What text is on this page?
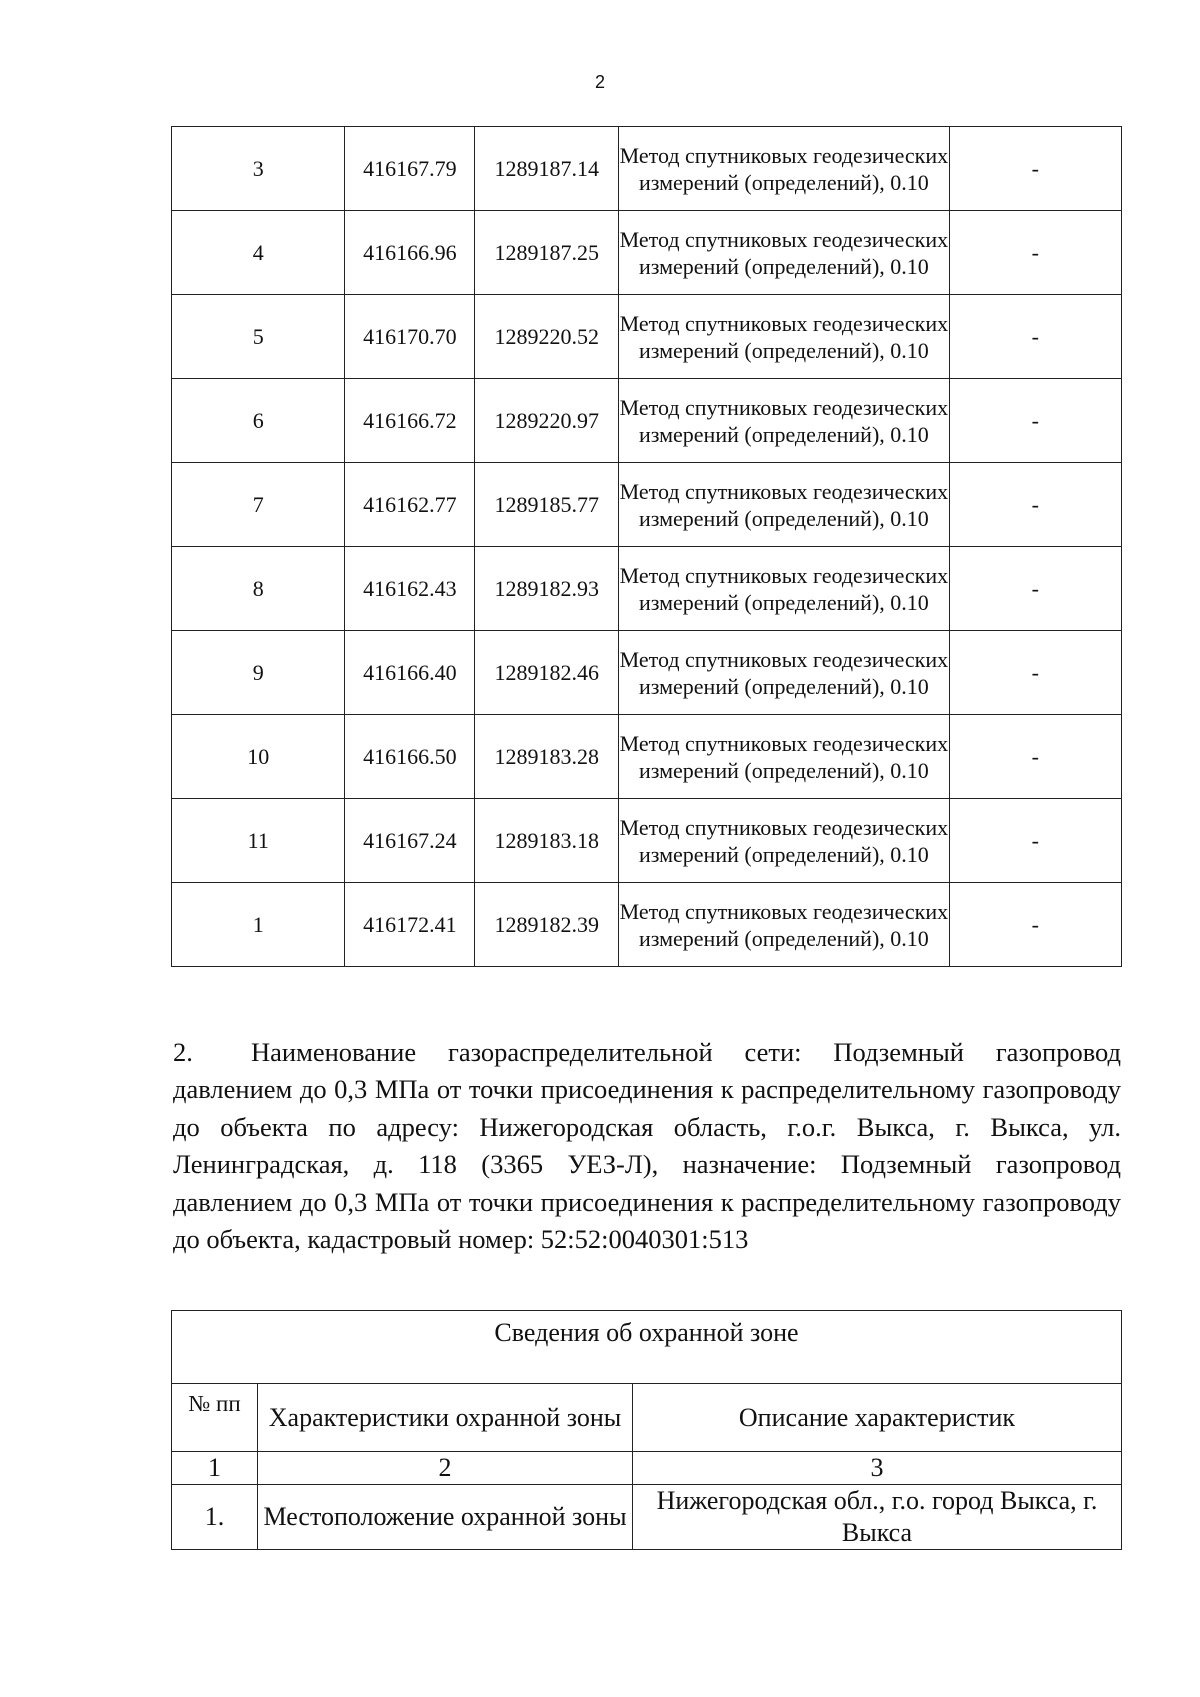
2
3	416167.79	1289187.14	Метод спутниковых геодезических измерений (определений), 0.10	-
4	416166.96	1289187.25	Метод спутниковых геодезических измерений (определений), 0.10	-
5	416170.70	1289220.52	Метод спутниковых геодезических измерений (определений), 0.10	-
6	416166.72	1289220.97	Метод спутниковых геодезических измерений (определений), 0.10	-
7	416162.77	1289185.77	Метод спутниковых геодезических измерений (определений), 0.10	-
8	416162.43	1289182.93	Метод спутниковых геодезических измерений (определений), 0.10	-
9	416166.40	1289182.46	Метод спутниковых геодезических измерений (определений), 0.10	-
10	416166.50	1289183.28	Метод спутниковых геодезических измерений (определений), 0.10	-
11	416167.24	1289183.18	Метод спутниковых геодезических измерений (определений), 0.10	-
1	416172.41	1289182.39	Метод спутниковых геодезических измерений (определений), 0.10	-

2. Наименование газораспределительной сети: Подземный газопровод давлением до 0,3 МПа от точки присоединения к распределительному газопроводу до объекта по адресу: Нижегородская область, г.о.г. Выкса, г. Выкса, ул. Ленинградская, д. 118 (3365 УЕЗ-Л), назначение: Подземный газопровод давлением до 0,3 МПа от точки присоединения к распределительному газопроводу до объекта, кадастровый номер: 52:52:0040301:513

Сведения об охранной зоне		
№ пп	Характеристики охранной зоны	Описание характеристик
1	2	3
1.	Местоположение охранной зоны	Нижегородская обл., г.о. город Выкса, г. Выкса
